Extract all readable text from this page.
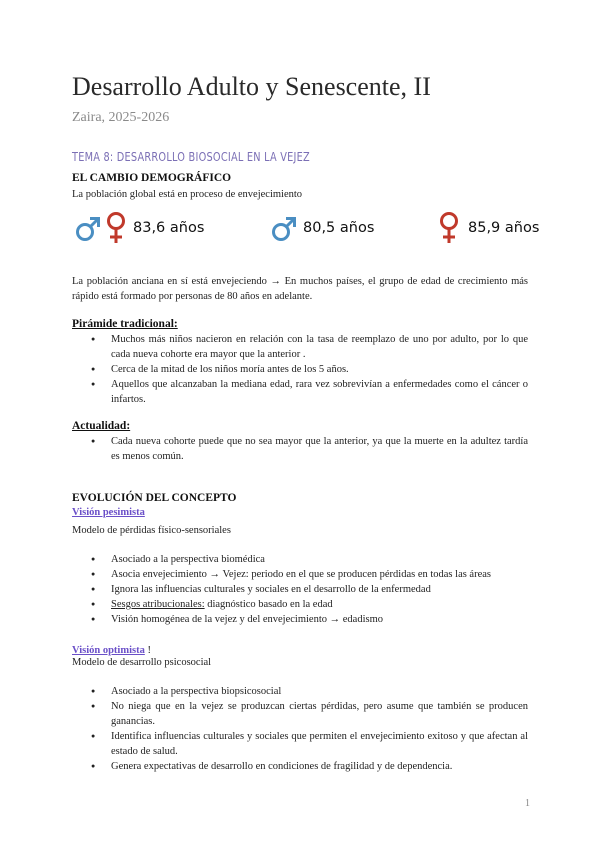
Desarrollo Adulto y Senescente, II
Zaira, 2025-2026
TEMA 8: DESARROLLO BIOSOCIAL EN LA VEJEZ
EL CAMBIO DEMOGRÁFICO
La población global está en proceso de envejecimiento
83,6 años	80,5 años	85,9 años
La población anciana en sí está envejeciendo → En muchos países, el grupo de edad de crecimiento más rápido está formado por personas de 80 años en adelante.
Pirámide tradicional:
● Muchos más niños nacieron en relación con la tasa de reemplazo de uno por adulto, por lo que cada nueva cohorte era mayor que la anterior .
● Cerca de la mitad de los niños moría antes de los 5 años.
● Aquellos que alcanzaban la mediana edad, rara vez sobrevivían a enfermedades como el cáncer o infartos.
Actualidad:
● Cada nueva cohorte puede que no sea mayor que la anterior, ya que la muerte en la adultez tardía es menos común.
EVOLUCIÓN DEL CONCEPTO
Visión pesimista
Modelo de pérdidas físico-sensoriales
● Asociado a la perspectiva biomédica
● Asocia envejecimiento → Vejez: periodo en el que se producen pérdidas en todas las áreas
● Ignora las influencias culturales y sociales en el desarrollo de la enfermedad
● Sesgos atribucionales: diagnóstico basado en la edad
● Visión homogénea de la vejez y del envejecimiento → edadismo
Visión optimista !
Modelo de desarrollo psicosocial
● Asociado a la perspectiva biopsicosocial
● No niega que en la vejez se produzcan ciertas pérdidas, pero asume que también se producen ganancias.
● Identifica influencias culturales y sociales que permiten el envejecimiento exitoso y que afectan al estado de salud.
● Genera expectativas de desarrollo en condiciones de fragilidad y de dependencia.
1
